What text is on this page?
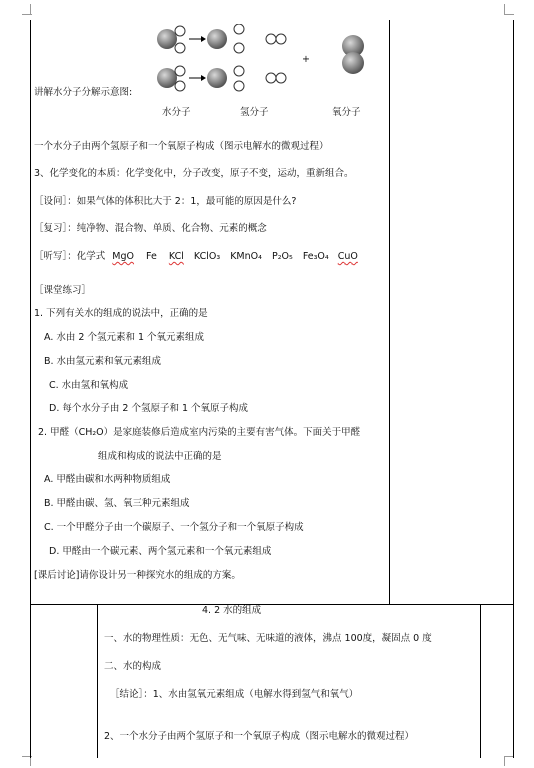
+
讲解水分子分解示意图:
水分子	氢分子	氧分子
一个水分子由两个氢原子和一个氧原子构成（图示电解水的微观过程）
3、化学变化的本质：化学变化中，分子改变，原子不变，运动，重新组合。
［设问］：如果气体的体积比大于 2：1，最可能的原因是什么?
［复习］：纯净物、混合物、单质、化合物、元素的概念
［听写］：化学式 MgO Fe KCl KClO₃ KMnO₄ P₂O₅ Fe₃O₄ CuO
［课堂练习］
1. 下列有关水的组成的说法中，正确的是
A. 水由 2 个氢元素和 1 个氧元素组成
B. 水由氢元素和氧元素组成
C. 水由氢和氧构成
D. 每个水分子由 2 个氢原子和 1 个氧原子构成
2. 甲醛（CH₂O）是家庭装修后造成室内污染的主要有害气体。下面关于甲醛
组成和构成的说法中正确的是
A. 甲醛由碳和水两种物质组成
B. 甲醛由碳、氢、氧三种元素组成
C. 一个甲醛分子由一个碳原子、一个氢分子和一个氧原子构成
D. 甲醛由一个碳元素、两个氢元素和一个氧元素组成
[课后讨论]请你设计另一种探究水的组成的方案。
4. 2 水的组成
一、水的物理性质：无色、无气味、无味道的液体，沸点 100度，凝固点 0 度
二、水的构成
［结论］：1、水由氢氧元素组成（电解水得到氢气和氧气）
2、一个水分子由两个氢原子和一个氧原子构成（图示电解水的微观过程）
